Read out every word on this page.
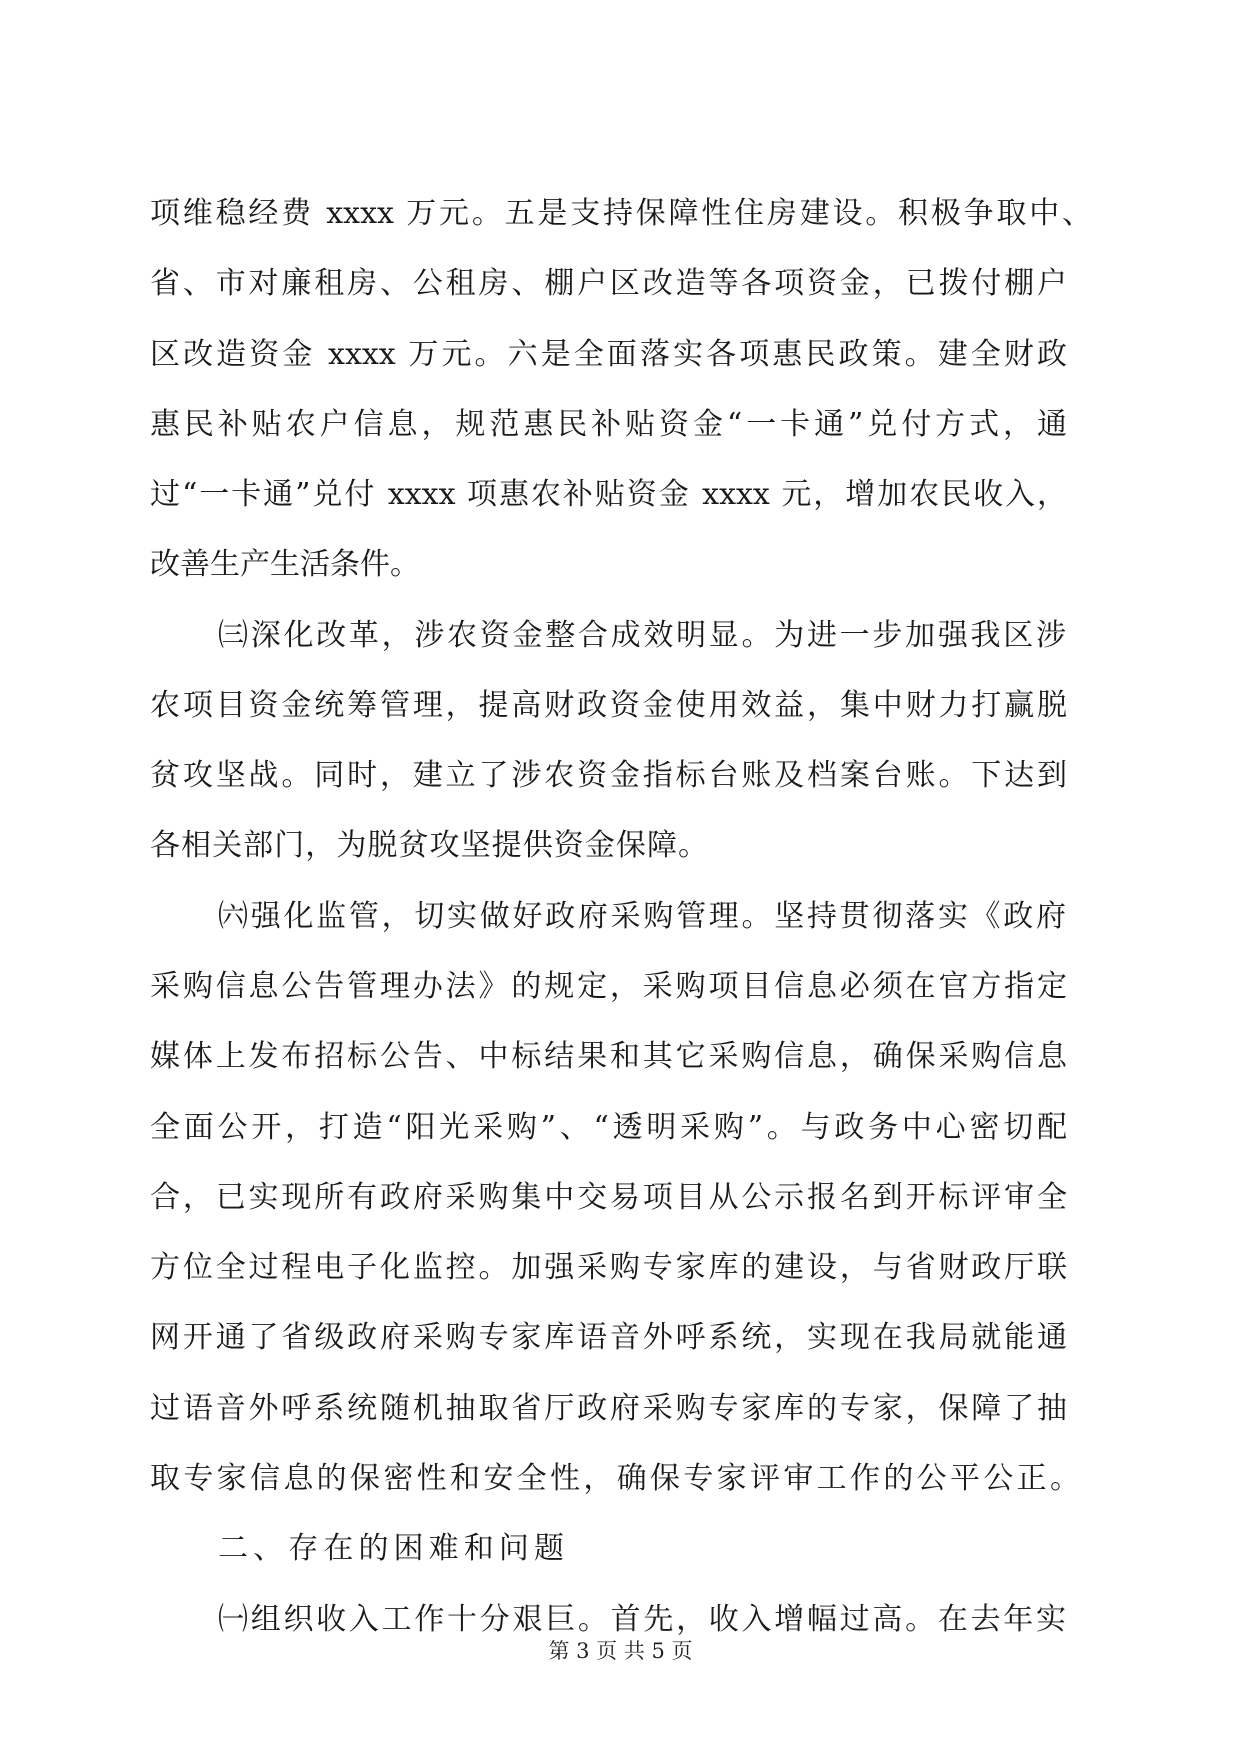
项维稳经费 xxxx 万元。五是支持保障性住房建设。积极争取中、
省、市对廉租房、公租房、棚户区改造等各项资金，已拨付棚户
区改造资金 xxxx 万元。六是全面落实各项惠民政策。建全财政
惠民补贴农户信息，规范惠民补贴资金“一卡通”兑付方式，通
过“一卡通”兑付 xxxx 项惠农补贴资金 xxxx 元，增加农民收入，
改善生产生活条件。
㈢深化改革，涉农资金整合成效明显。为进一步加强我区涉
农项目资金统筹管理，提高财政资金使用效益，集中财力打赢脱
贫攻坚战。同时，建立了涉农资金指标台账及档案台账。下达到
各相关部门，为脱贫攻坚提供资金保障。
㈥强化监管，切实做好政府采购管理。坚持贯彻落实《政府
采购信息公告管理办法》的规定，采购项目信息必须在官方指定
媒体上发布招标公告、中标结果和其它采购信息，确保采购信息
全面公开，打造“阳光采购”、“透明采购”。与政务中心密切配
合，已实现所有政府采购集中交易项目从公示报名到开标评审全
方位全过程电子化监控。加强采购专家库的建设，与省财政厅联
网开通了省级政府采购专家库语音外呼系统，实现在我局就能通
过语音外呼系统随机抽取省厅政府采购专家库的专家，保障了抽
取专家信息的保密性和安全性，确保专家评审工作的公平公正。
二、存在的困难和问题
㈠组织收入工作十分艰巨。首先，收入增幅过高。在去年实
第 3 页 共 5 页
